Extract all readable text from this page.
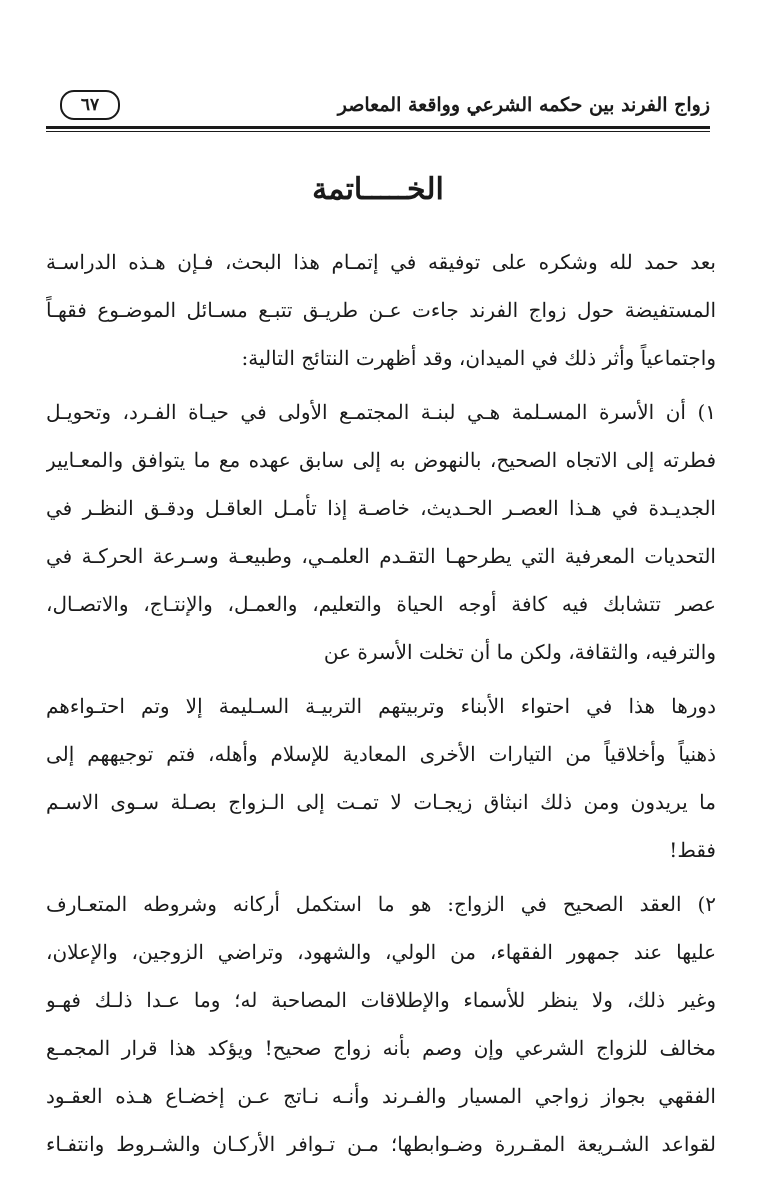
زواج الفرند بين حكمه الشرعي وواقعة المعاصر
٦٧
الخـــــاتمة
بعد حمد لله وشكره على توفيقه في إتمـام هذا البحث، فـإن هـذه الدراسـة
المستفيضة حول زواج الفرند جاءت عـن طريـق تتبـع مسـائل الموضـوع فقهـاً
واجتماعياً وأثر ذلك في الميدان، وقد أظهرت النتائج التالية:
١) أن الأسرة المسـلمة هـي لبنـة المجتمـع الأولى في حيـاة الفـرد، وتحويـل
فطرته إلى الاتجاه الصحيح، بالنهوض به إلى سابق عهده مع ما يتوافق والمعـايير
الجديـدة في هـذا العصـر الحـديث، خاصـة إذا تأمـل العاقـل ودقـق النظـر في
التحديات المعرفية التي يطرحهـا التقـدم العلمـي، وطبيعـة وسـرعة الحركـة في
عصر تتشابك فيه كافة أوجه الحياة والتعليم، والعمـل، والإنتـاج، والاتصـال،
والترفيه، والثقافة، ولكن ما أن تخلت الأسرة عن
دورها هذا في احتواء الأبناء وتربيتهم التربيـة السـليمة إلا وتم احتـواءهم
ذهنياً وأخلاقياً من التيارات الأخرى المعادية للإسلام وأهله، فتم توجيههم إلى
ما يريدون ومن ذلك انبثاق زيجـات لا تمـت إلى الـزواج بصـلة سـوى الاسـم
فقط!
٢) العقد الصحيح في الزواج: هو ما استكمل أركانه وشروطه المتعـارف
عليها عند جمهور الفقهاء، من الولي، والشهود، وتراضي الزوجين، والإعلان،
وغير ذلك، ولا ينظر للأسماء والإطلاقات المصاحبة له؛ وما عـدا ذلـك فهـو
مخالف للزواج الشرعي وإن وصم بأنه زواج صحيح! ويؤكد هذا قرار المجمـع
الفقهي بجواز زواجي المسيار والفـرند وأنـه نـاتج عـن إخضـاع هـذه العقـود
لقواعد الشـريعة المقـررة وضـوابطها؛ مـن تـوافر الأركـان والشـروط وانتفـاء
